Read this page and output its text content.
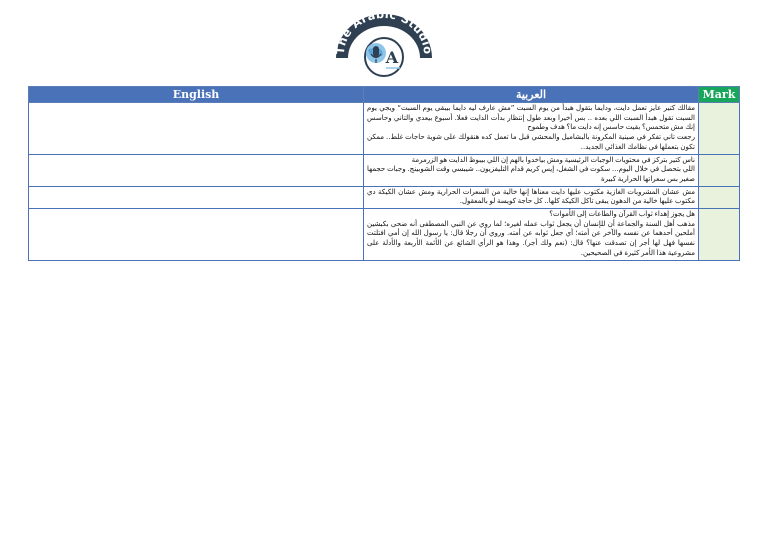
The Arabic Studio
A
English	العربية	Mark

	مقالك كتير عايز تعمل دايت، ودايما بتقول هبدأ من يوم السبت ”مش عارف ليه دايما بيبقى يوم السبت“ ويجي يوم السبت تقول هبدأ السبت اللي بعده .. بس أخيرا وبعد طول إنتظار بدأت الدايت فعلا. أسبوع بيعدي والتاني وحاسس إنك مش متحمس؟ بقيت حاسس إنه دايت ما؟ هدف وطموح

رجعت تاني تفكر في صينية المكرونة بالبشاميل والمحشي قبل ما تعمل كده هنقولك على شوية حاجات غلط.. ممكن تكون بتعملها في نظامك الغذائي الجديد..	

	ناس كتير بتركز في محتويات الوجبات الرئيسية ومش بياخدوا بالهم إن اللي بيبوظ الدايت هو الزرمرمة

اللي بتحصل في خلال اليوم... سكوت في الشغل، إيس كريم قدام التليفزيون.. شيبسي وقت الشوبينج. وجبات حجمها صغير بس سعراتها الحرارية كبيرة	

	مش عشان المشروبات الغازية مكتوب عليها دايت معناها إنها خالية من السعرات الحرارية ومش عشان الكيكة دي مكتوب عليها خالية من الدهون يبقى تاكل الكيكة كلها.. كل حاجة كويسة لو بالمعقول.	

	هل يجوز إهداء ثواب القرآن والطاعات إلى الأموات؟

مذهب أهل السنة والجماعة أن للإنسان أن يجعل ثواب عمله لغيره؛ لما روي عن النبي المصطفى أنه ضحى بكبشين أملحين أحدهما عن نفسه والآخر عن أمته؛ أي جعل ثوابه عن أمته. وروي أن رجلا قال: يا رسول الله إن أمي افتلتت نفسها فهل لها أجر إن تصدقت عنها؟ قال: (نعم ولك أجر). وهذا هو الرأي الشائع عن الأئمة الأربعة والأدلة على مشروعية هذا الأمر كثيرة في الصحيحين.	
